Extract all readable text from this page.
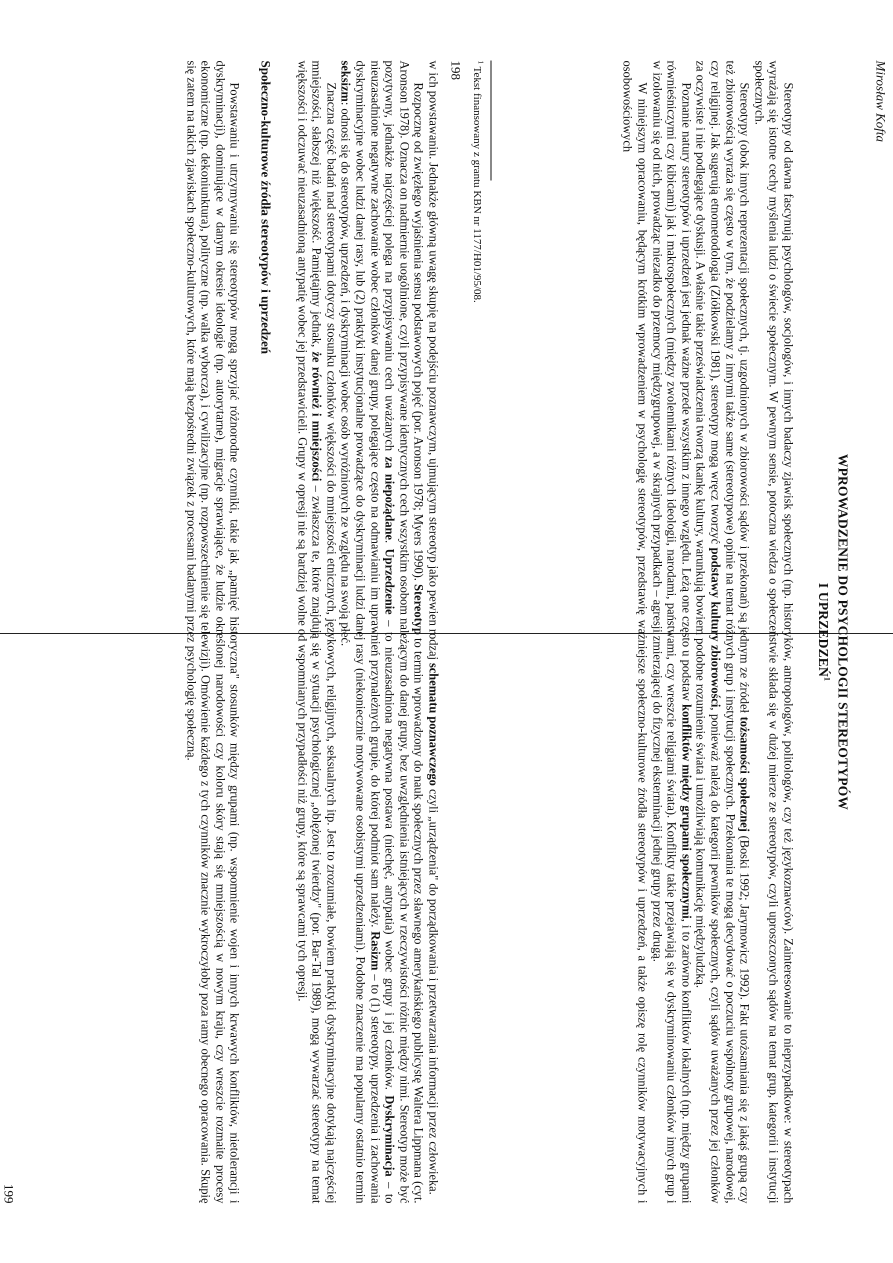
Mirosław Kofta
WPROWADZENIE DO PSYCHOLOGII STEREOTYPÓW
I UPRZEDZEŃ$^1$

Stereotypy od dawna fascynują psychologów, socjologów, i innych badaczy zjawisk społecznych (np. historyków, antropologów, politologów, czy też językoznawców). Zainteresowanie to nieprzypadkowe: w stereotypach wyrażają się istotne cechy myślenia ludzi o świecie społecznym. W pewnym sensie, potoczna wiedza o społeczeństwie składa się w dużej mierze ze stereotypów, czyli uproszczonych sądów na temat grup, kategorii i instytucji społecznych.

Stereotypy (obok innych reprezentacji społecznych, tj. uzgodnionych w zbiorowości sądów i przekonań) są jednym ze źródeł tożsamości społecznej (Boski 1992; Jarymowicz 1992). Fakt utożsamiania się z jakąś grupą czy też zbiorowością wyraża się często w tym, że podzielamy z innymi także same (stereotypowe) opinie na temat różnych grup i instytucji społecznych. Przekonania te mogą decydować o poczuciu wspólnoty grupowej, narodowej, czy religijnej. Jak sugerują etnometodologia (Ziółkowski 1981), stereotypy mogą wręcz tworzyć podstawy kultury zbiorowości, ponieważ należą do kategorii pewników społecznych, czyli sądów uważanych przez jej członków za oczywiste i nie podlegające dyskusji. A właśnie takie przeświadczenia tworzą tkankę kultury, warunkują bowiem podobne rozumienie świata i umożliwiają komunikację międzyludzką.

Poznanie natury stereotypów i uprzedzeń jest jednak ważne przede wszystkim z innego względu. Leżą one często u podstaw konfliktów między grupami społecznymi, i to zarówno konfliktów lokalnych (np. między grupami równieśniczymi czy kibicami) jak i makrospołecznych (między zwolennikami różnych ideologii, narodami, państwami, czy wreszcie religiami świata). Konflikty takie przejawiają się w dyskryminowaniu członków innych grup i w izolowaniu się od nich, prowadząc niezadko do przemocy międzygrupowej, a w skrajnych przypadkach – agresji zmierzającej do fizycznej eksterminacji jednej grupy przez drugą.

W niniejszym opracowaniu, będącym krótkim wprowadzeniem w psychologię stereotypów, przedstawię ważniejsze społeczno-kulturowe źródła stereotypów i uprzedzeń, a także opiszę rolę czynników motywacyjnych i osobowościowych

$^1$ Tekst finansowany z grantu KBN nr 1177/H01/95/08.
198

w ich powstawaniu. Jednakże główną uwagę skupię na podejściu poznawczym, ujmującym stereotyp jako pewien rodzaj schematu poznawczego czyli „urządzenia" do porządkowania i przetwarzania informacji przez człowieka.

Rozpocznę od zwięzłego wyjaśnienia sensu podstawowych pojęć (por. Aronson 1978; Myers 1990). Stereotyp to termin wprowadzony do nauk społecznych przez sławnego amerykańskiego publicystę Waltera Lippmana (cyt. Aronson 1978). Oznacza on nadmiernie uogólnione, czyli przypisywane identycznych cech wszystkim osobom należącym do danej grupy, bez uwzględnienia istniejących w rzeczywistości różnic między nimi. Stereotyp może być pozytywny, jednakże najczęściej polega na przypisywaniu cech uważanych za niepożądane. Uprzedzenie – to nieuzasadniona negatywna postawa (niechęć, antypatia) wobec grupy i jej członków. Dyskryminacja – to nieuzasadnione negatywne zachowanie wobec członków danej grupy, polegające często na odmawianiu im uprawnień przynależnych grupie, do której podmiot sam należy. Rasizm – to (1) stereotypy, uprzedzenia i zachowania dyskryminacyjne wobec ludzi danej rasy, lub (2) praktyki instytucjonalne prowadzące do dyskryminacji ludzi danej rasy (niekoniecznie motywowane osobistymi uprzedzeniami). Podobne znaczenie ma popularny ostatnio termin seksizm: odnosi się do stereotypów, uprzedzeń, i dyskryminacji wobec osób wyróżnionych ze względu na swoją płeć.

Znaczna część badań nad stereotypami dotyczy stosunku członków większości do mniejszości etnicznych, językowych, religijnych, seksualnych itp. Jest to zrozumiałe, bowiem praktyki dyskryminacyjne dotykają najczęściej mniejszości, słabszej niż większość. Pamiętajmy jednak, że również i mniejszości – zwłaszcza te, które znajdują się w sytuacji psychologicznej „oblężonej twierdzy" (por. Bar-Tal 1989), mogą wywarzać stereotypy na temat większości i odczuwać nieuzasadnioną antypatię wobec jej przedstawicieli. Grupy w opresji nie są bardziej wolne od wspomnianych przypadłości niż grupy, które są sprawcami tych opresji.

Społeczno-kulturowe źródła stereotypów i uprzedzeń

Powstawaniu i utrzymywaniu się stereotypów mogą sprzyjać różnorodne czynniki, takie jak „pamięć historyczna" stosunków między grupami (np. wspomnienie wojen i innych krwawych konfliktów, nietolerancji i dyskryminacji), dominujące w danym okresie ideologie (np. autorytarne), migracje sprawiające, że ludzie określonej narodowości czy koloru skóry stają się mniejszością w nowym kraju, czy wreszcie rozmaite procesy ekonomiczne (np. dekoniunktura), polityczne (np. walka wyborcza), i cywilizacyjne (np. rozpowszechnienie się telewizji). Omówienie każdego z tych czynników znacznie wykroczyłoby poza ramy obecnego opracowania. Skupię się zatem na takich zjawiskach społeczno-kulturowych, które mają bezpośredni związek z procesami badanymi przez psychologię społeczną.

199
